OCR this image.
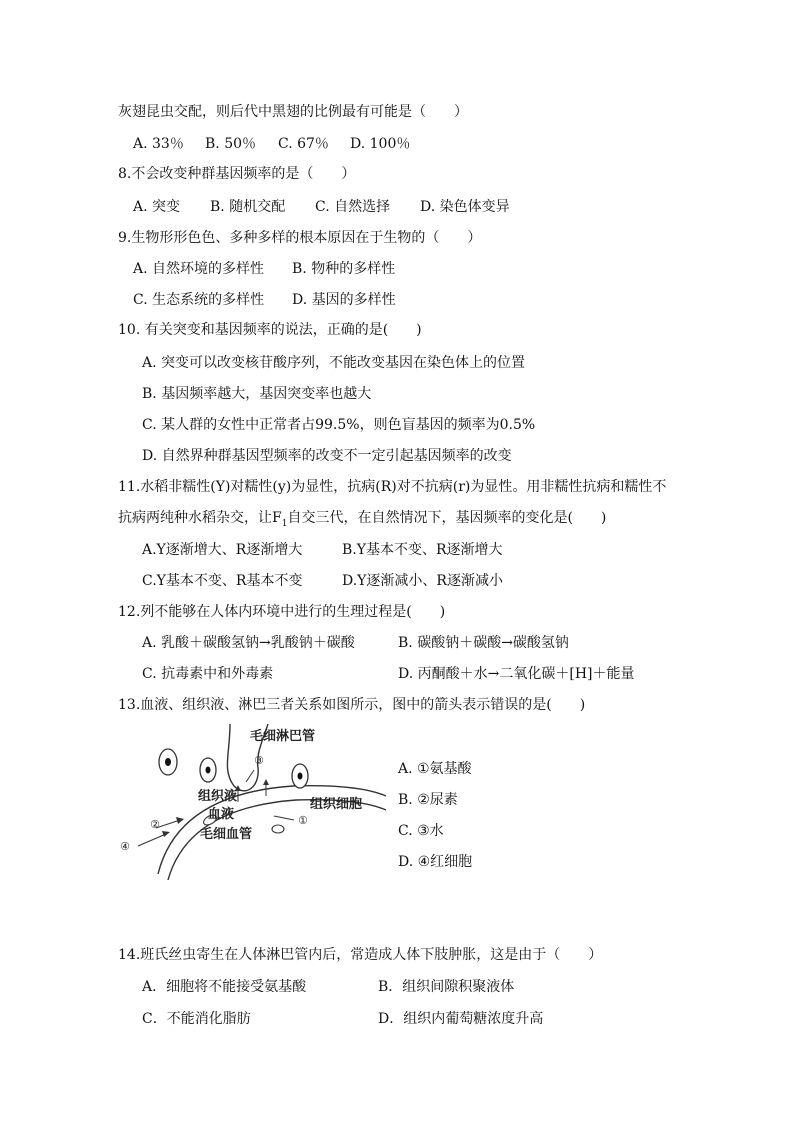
灰翅昆虫交配，则后代中黑翅的比例最有可能是（　　）
A. 33％ B. 50％ C. 67％ D. 100％
8.不会改变种群基因频率的是（　　）
A. 突变 B. 随机交配 C. 自然选择 D. 染色体变异
9.生物形形色色、多种多样的根本原因在于生物的（　　）
A. 自然环境的多样性 B. 物种的多样性
C. 生态系统的多样性 D. 基因的多样性
10. 有关突变和基因频率的说法，正确的是(　　)
A. 突变可以改变核苷酸序列，不能改变基因在染色体上的位置
B. 基因频率越大，基因突变率也越大
C. 某人群的女性中正常者占99.5%，则色盲基因的频率为0.5%
D. 自然界种群基因型频率的改变不一定引起基因频率的改变
11.水稻非糯性(Y)对糯性(y)为显性，抗病(R)对不抗病(r)为显性。用非糯性抗病和糯性不
抗病两纯种水稻杂交，让$F_1$自交三代，在自然情况下，基因频率的变化是(　　)
A.Y逐渐增大、R逐渐增大	B.Y基本不变、R逐渐增大
C.Y基本不变、R基本不变	D.Y逐渐减小、R逐渐减小
12.列不能够在人体内环境中进行的生理过程是(　　)
A. 乳酸＋碳酸氢钠→乳酸钠＋碳酸	B. 碳酸钠＋碳酸→碳酸氢钠
C. 抗毒素中和外毒素	D. 丙酮酸＋水→二氧化碳＋[H]＋能量
13.血液、组织液、淋巴三者关系如图所示，图中的箭头表示错误的是(　　)
毛细淋巴管
组织液
组织细胞
血液
毛细血管
①
②
③
④
A. ①氨基酸
B. ②尿素
C. ③水
D. ④红细胞
14.班氏丝虫寄生在人体淋巴管内后，常造成人体下肢肿胀，这是由于（　　）
A．细胞将不能接受氨基酸	B．组织间隙积聚液体
C．不能消化脂肪	D．组织内葡萄糖浓度升高
